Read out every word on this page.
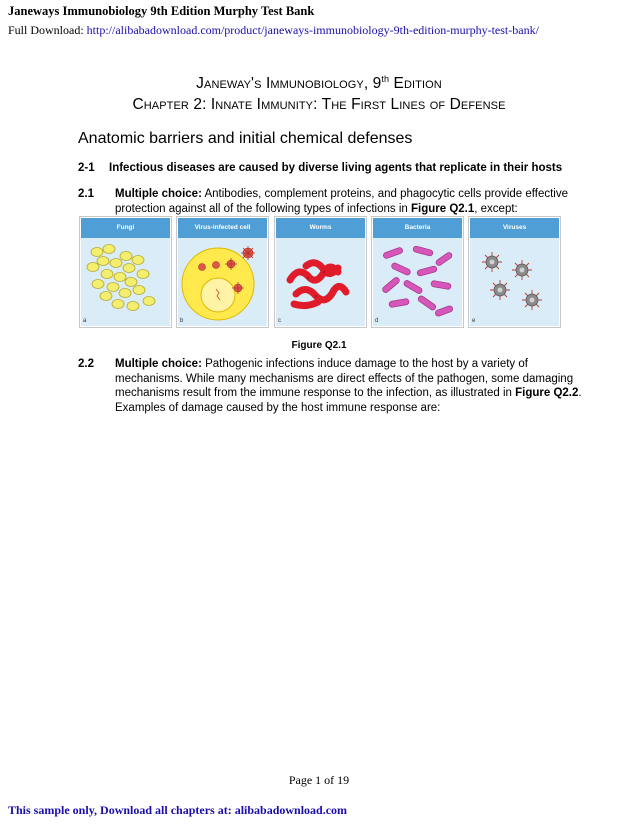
Janeways Immunobiology 9th Edition Murphy Test Bank
Full Download: http://alibabadownload.com/product/janeways-immunobiology-9th-edition-murphy-test-bank/
Janeway's Immunobiology, 9th Edition
Chapter 2: Innate Immunity: The First Lines of Defense
Anatomic barriers and initial chemical defenses
2-1 Infectious diseases are caused by diverse living agents that replicate in their hosts
2.1 Multiple choice: Antibodies, complement proteins, and phagocytic cells provide effective protection against all of the following types of infections in Figure Q2.1, except:
Fungi
a
Virus-infected cell
b
Worms
c
Bacteria
d
Viruses
e
Figure Q2.1
2.2 Multiple choice: Pathogenic infections induce damage to the host by a variety of mechanisms. While many mechanisms are direct effects of the pathogen, some damaging mechanisms result from the immune response to the infection, as illustrated in Figure Q2.2. Examples of damage caused by the host immune response are:
Page 1 of 19
This sample only, Download all chapters at: alibabadownload.com
